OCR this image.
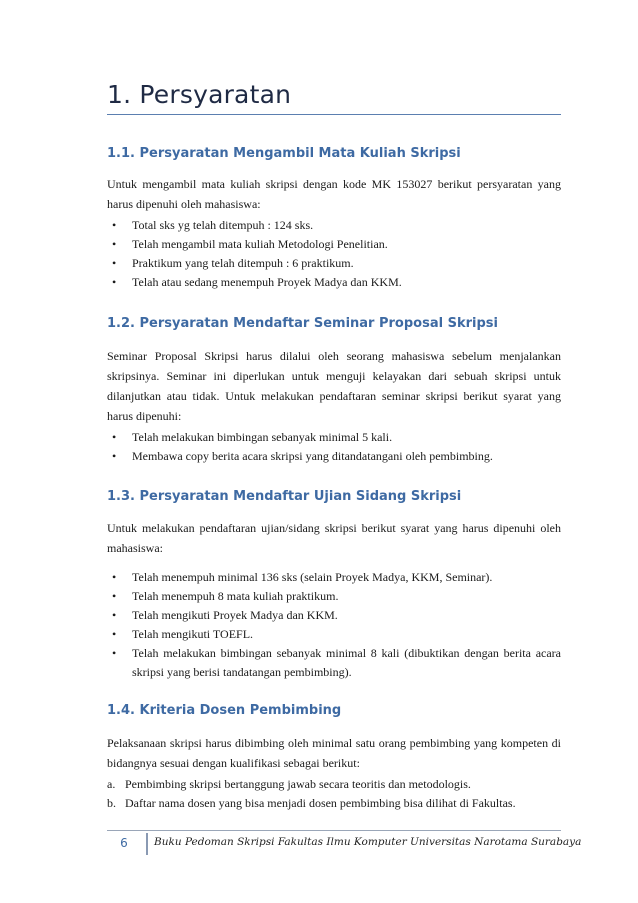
1. Persyaratan
1.1. Persyaratan Mengambil Mata Kuliah Skripsi

Untuk mengambil mata kuliah skripsi dengan kode MK 153027 berikut persyaratan yang harus dipenuhi oleh mahasiswa:

• Total sks yg telah ditempuh : 124 sks.
• Telah mengambil mata kuliah Metodologi Penelitian.
• Praktikum yang telah ditempuh : 6 praktikum.
• Telah atau sedang menempuh Proyek Madya dan KKM.
1.2. Persyaratan Mendaftar Seminar Proposal Skripsi

Seminar Proposal Skripsi harus dilalui oleh seorang mahasiswa sebelum menjalankan skripsinya. Seminar ini diperlukan untuk menguji kelayakan dari sebuah skripsi untuk dilanjutkan atau tidak. Untuk melakukan pendaftaran seminar skripsi berikut syarat yang harus dipenuhi:

• Telah melakukan bimbingan sebanyak minimal 5 kali.
• Membawa copy berita acara skripsi yang ditandatangani oleh pembimbing.
1.3. Persyaratan Mendaftar Ujian Sidang Skripsi

Untuk melakukan pendaftaran ujian/sidang skripsi berikut syarat yang harus dipenuhi oleh mahasiswa:

• Telah menempuh minimal 136 sks (selain Proyek Madya, KKM, Seminar).
• Telah menempuh 8 mata kuliah praktikum.
• Telah mengikuti Proyek Madya dan KKM.
• Telah mengikuti TOEFL.
• Telah melakukan bimbingan sebanyak minimal 8 kali (dibuktikan dengan berita acara skripsi yang berisi tandatangan pembimbing).
1.4. Kriteria Dosen Pembimbing

Pelaksanaan skripsi harus dibimbing oleh minimal satu orang pembimbing yang kompeten di bidangnya sesuai dengan kualifikasi sebagai berikut:

a. Pembimbing skripsi bertanggung jawab secara teoritis dan metodologis.
b. Daftar nama dosen yang bisa menjadi dosen pembimbing bisa dilihat di Fakultas.
6	Buku Pedoman Skripsi Fakultas Ilmu Komputer Universitas Narotama Surabaya
